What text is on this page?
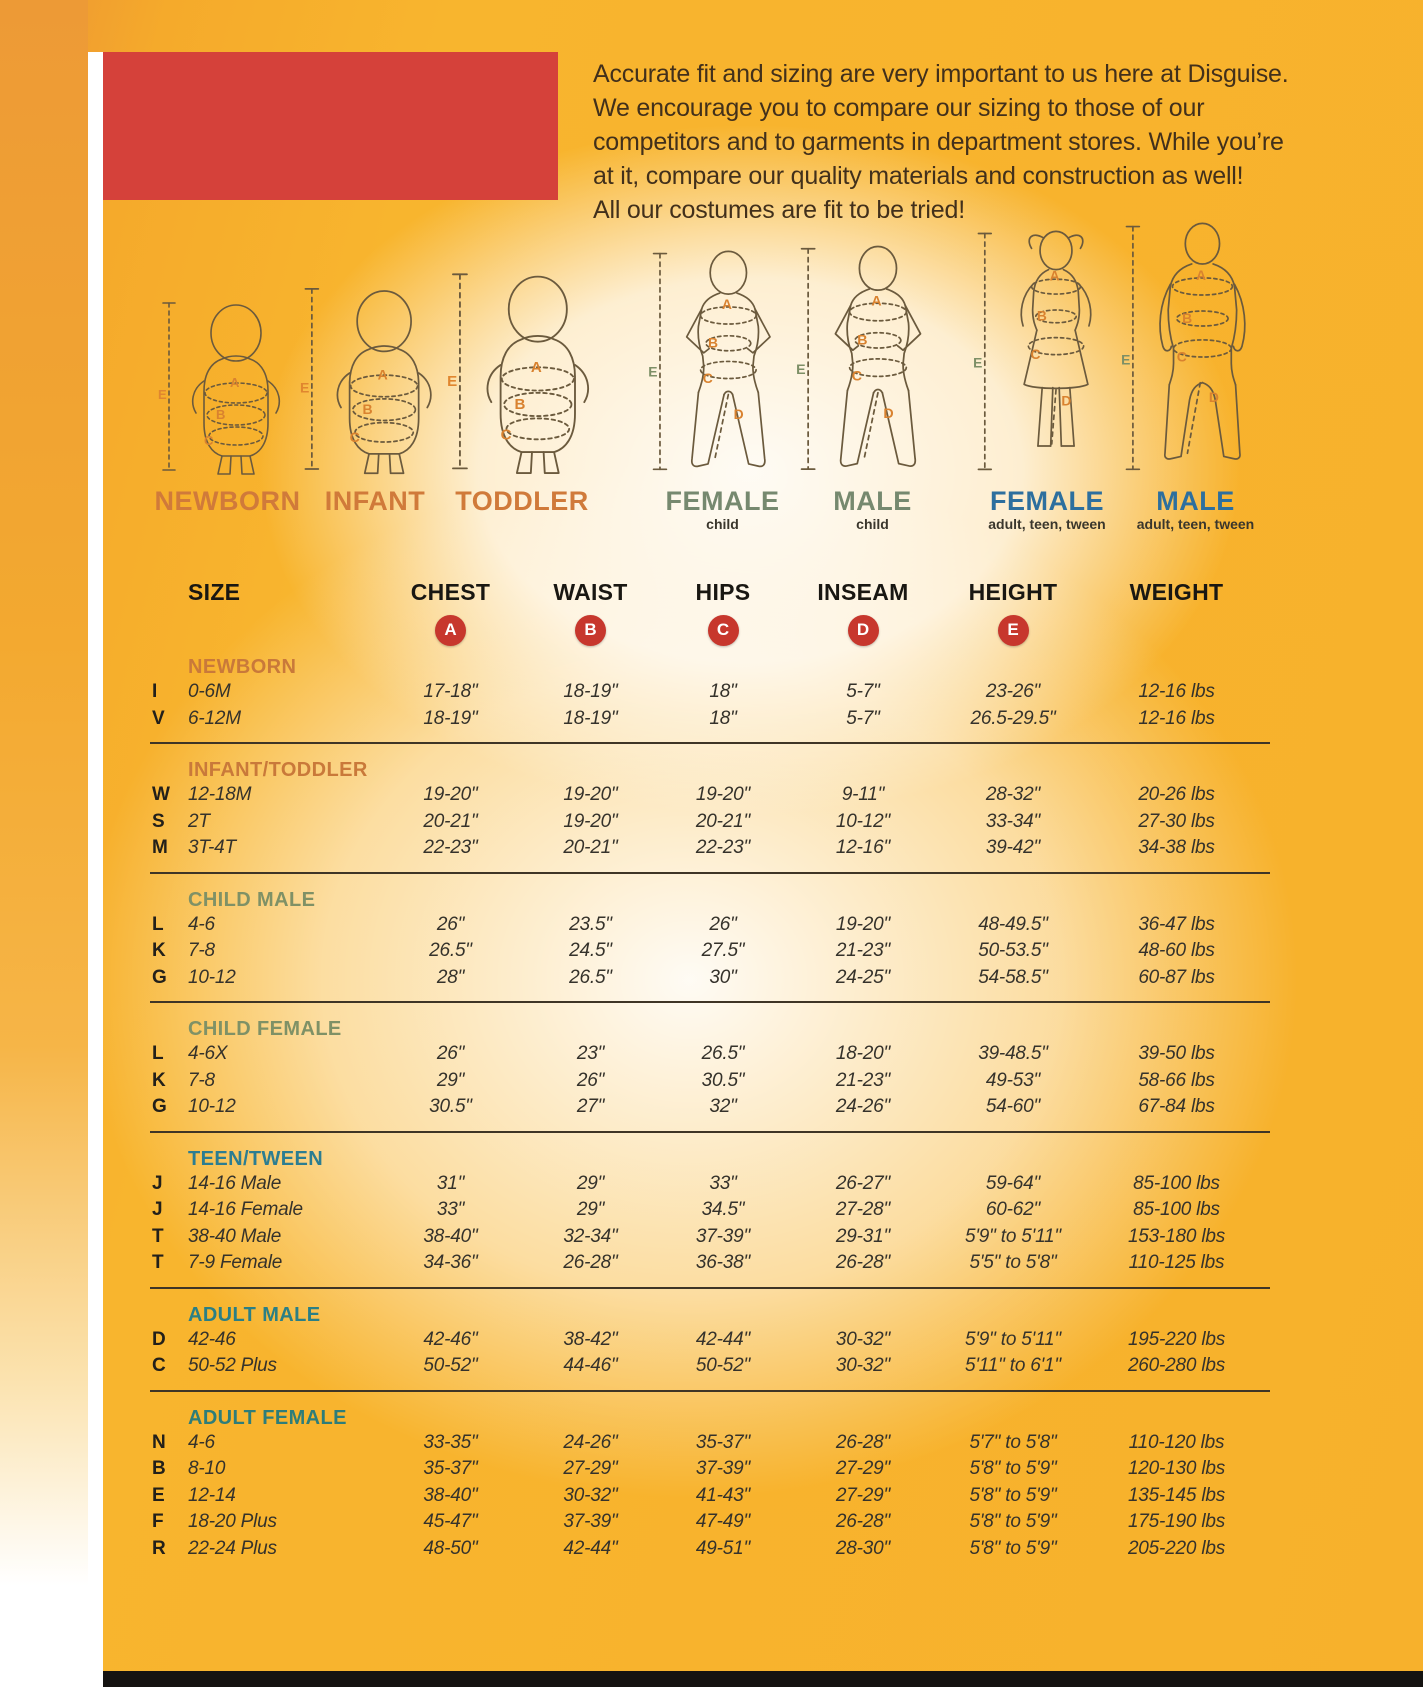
Accurate fit and sizing are very important to us here at Disguise.
We encourage you to compare our sizing to those of our
competitors and to garments in department stores. While you’re
at it, compare our quality materials and construction as well!
All our costumes are fit to be tried!
E
A
B
C
NEWBORN
E
A
B
C
INFANT
E
A
B
C
TODDLER
E
A
B
C
D
FEMALE
child
E
A
B
C
D
MALE
child
E
A
B
C
D
FEMALE
adult, teen, tween
E
A
B
C
D
MALE
adult, teen, tween
SIZE	CHEST	WAIST	HIPS	INSEAM	HEIGHT	WEIGHT
A	B	C	D	E
NEWBORN
I	0-6M	17-18"	18-19"	18"	5-7"	23-26"	12-16 lbs
V	6-12M	18-19"	18-19"	18"	5-7"	26.5-29.5"	12-16 lbs
INFANT/TODDLER
W 12-18M	19-20"	19-20"	19-20"	9-11"	28-32"	20-26 lbs
S	2T	20-21"	19-20"	20-21"	10-12"	33-34"	27-30 lbs
M	3T-4T	22-23"	20-21"	22-23"	12-16"	39-42"	34-38 lbs
CHILD MALE
L	4-6	26"	23.5"	26"	19-20"	48-49.5"	36-47 lbs
K	7-8	26.5"	24.5"	27.5"	21-23"	50-53.5"	48-60 lbs
G	10-12	28"	26.5"	30"	24-25"	54-58.5"	60-87 lbs
CHILD FEMALE
L	4-6X	26"	23"	26.5"	18-20"	39-48.5"	39-50 lbs
K	7-8	29"	26"	30.5"	21-23"	49-53"	58-66 lbs
G	10-12	30.5"	27"	32"	24-26"	54-60"	67-84 lbs
TEEN/TWEEN
J	14-16 Male	31"	29"	33"	26-27"	59-64"	85-100 lbs
J	14-16 Female	33"	29"	34.5"	27-28"	60-62"	85-100 lbs
T	38-40 Male	38-40"	32-34"	37-39"	29-31"	5'9" to 5'11"	153-180 lbs
T	7-9 Female	34-36"	26-28"	36-38"	26-28"	5'5" to 5'8"	110-125 lbs
ADULT MALE
D	42-46	42-46"	38-42"	42-44"	30-32"	5'9" to 5'11"	195-220 lbs
C	50-52 Plus	50-52"	44-46"	50-52"	30-32"	5'11" to 6'1"	260-280 lbs
ADULT FEMALE
N	4-6	33-35"	24-26"	35-37"	26-28"	5'7" to 5'8"	110-120 lbs
B	8-10	35-37"	27-29"	37-39"	27-29"	5'8" to 5'9"	120-130 lbs
E	12-14	38-40"	30-32"	41-43"	27-29"	5'8" to 5'9"	135-145 lbs
F	18-20 Plus	45-47"	37-39"	47-49"	26-28"	5'8" to 5'9"	175-190 lbs
R	22-24 Plus	48-50"	42-44"	49-51"	28-30"	5'8" to 5'9"	205-220 lbs
